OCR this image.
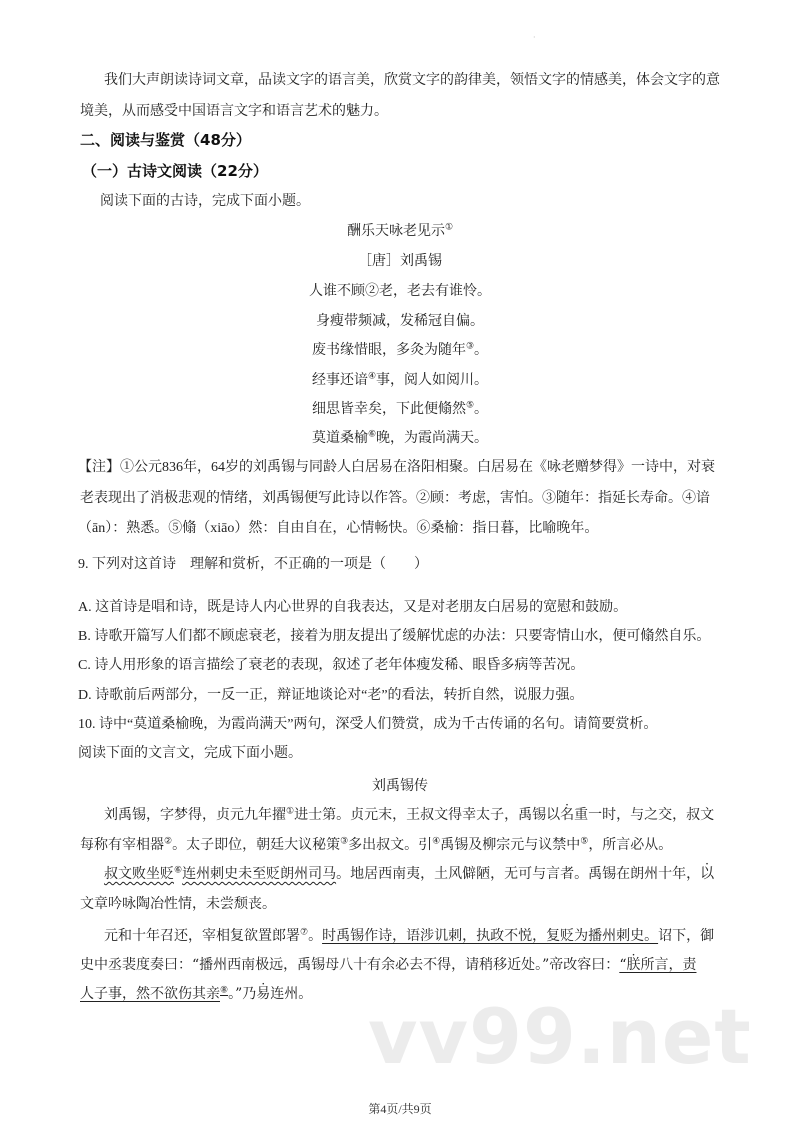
·
我们大声朗读诗词文章，品读文字的语言美，欣赏文字的韵律美，领悟文字的情感美，体会文字的意
境美，从而感受中国语言文字和语言艺术的魅力。
二、阅读与鉴赏（48分）
（一）古诗文阅读（22分）
阅读下面的古诗，完成下面小题。
酬乐天咏老见示①
［唐］刘禹锡
人谁不顾②老，老去有谁怜。
身瘦带频减，发稀冠自偏。
废书缘惜眼，多灸为随年③。
经事还谙④事，阅人如阅川。
细思皆幸矣，下此便翛然⑤。
莫道桑榆⑥晚，为霞尚满天。
【注】①公元836年，64岁的刘禹锡与同龄人白居易在洛阳相聚。白居易在《咏老赠梦得》一诗中，对衰
老表现出了消极悲观的情绪，刘禹锡便写此诗以作答。②顾：考虑，害怕。③随年：指延长寿命。④谙
（ān）：熟悉。⑤翛（xiāo）然：自由自在，心情畅快。⑥桑榆：指日暮，比喻晚年。
9. 下列对这首诗　理解和赏析，不正确的一项是（　　）
A. 这首诗是唱和诗，既是诗人内心世界的自我表达，又是对老朋友白居易的宽慰和鼓励。
B. 诗歌开篇写人们都不顾虑衰老，接着为朋友提出了缓解忧虑的办法：只要寄情山水，便可翛然自乐。
C. 诗人用形象的语言描绘了衰老的表现，叙述了老年体瘦发稀、眼昏多病等苦况。
D. 诗歌前后两部分，一反一正，辩证地谈论对“老”的看法，转折自然，说服力强。
10. 诗中“莫道桑榆晚，为霞尚满天”两句，深受人们赞赏，成为千古传诵的名句。请简要赏析。
阅读下面的文言文，完成下面小题。
刘禹锡传
刘禹锡，字梦得，贞元九年擢①进士第。贞元末，王叔文得幸太子，禹锡以名重一时，与之交，叔文
每称有宰相器②。太子即位，朝廷大议秘策③多出叔文。引④禹锡及柳宗元与议禁中⑤，所言必从。
叔文败坐贬⑥连州刺史未至贬朗州司马。地居西南夷，土风僻陋，无可与言者。禹锡在朗州十年，以
文章吟咏陶冶性情，未尝颓丧。
元和十年召还，宰相复欲置郎署⑦。时禹锡作诗，语涉讥刺，执政不悦，复贬为播州刺史。诏下，御
史中丞裴度奏曰：“播州西南极远，禹锡母八十有余必去不得，请稍移近处。”帝改容曰：“朕所言，责
人子事，然不欲伤其亲⑧。”乃易连州。 vv99.net
第4页/共9页
